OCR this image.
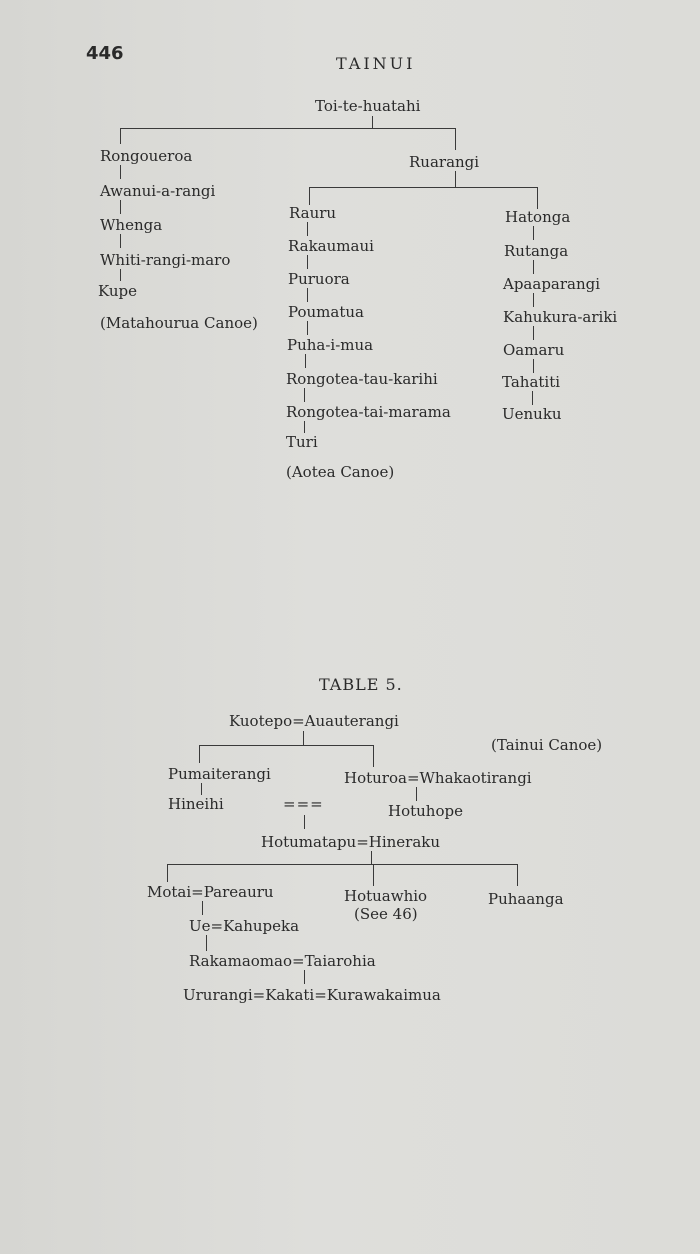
446	TAINUI
Toi-te-huatahi
Rongoueroa
Awanui-a-rangi
Whenga
Whiti-rangi-maro
Kupe
(Matahourua Canoe)
Ruarangi
Rauru
Rakaumaui
Puruora
Poumatua
Puha-i-mua
Rongotea-tau-karihi
Rongotea-tai-marama
Turi
(Aotea Canoe)
Hatonga
Rutanga
Apaaparangi
Kahukura-ariki
Oamaru
Tahatiti
Uenuku
TABLE 5.
Kuotepo=Auauterangi
(Tainui Canoe)
Pumaiterangi
Hineihi	===
Hoturoa=Whakaotirangi
Hotuhope
Hotumatapu=Hineraku
Motai=Pareauru	Hotuawhio
(See 46)
Puhaanga
Ue=Kahupeka
Rakamaomao=Taiarohia
Ururangi=Kakati=Kurawakaimua
